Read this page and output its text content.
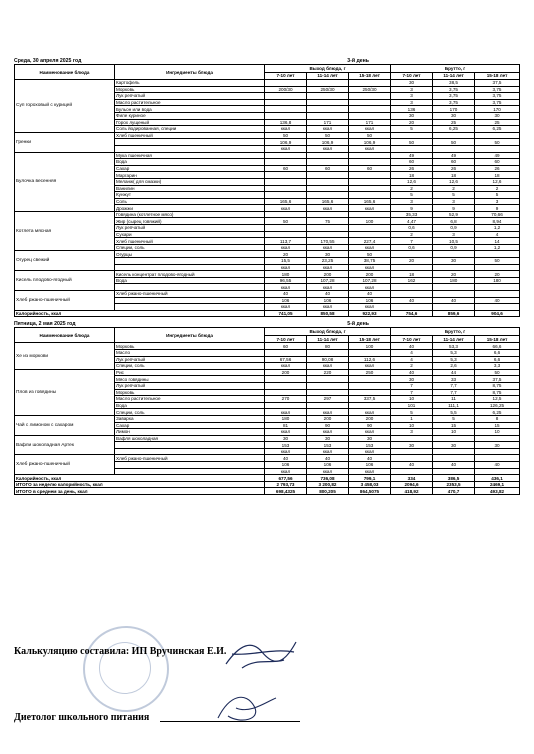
Среда, 30 апреля 2025 год	3-й день
Наименование блюда	Ингредиенты блюда	Выход блюда, г			Брутто, г		
		7-10 лет	11-14 лет	15-18 лет	7-10 лет	11-14 лет	15-18 лет
Суп гороховый с курицей	Картофель				30	38,5	37,5
	Морковь	200/30	250/30	250/30	3	3,75	3,75
	Лук репчатый				3	3,75	3,75
	Масло растительное				3	3,75	3,75
	Бульон или вода				136	170	170
	Филе куриное				30	30	30
	Горох лущеный	136,8	171	171	20	25	25
	Соль йодированная, специи	ккал	ккал	ккал	5	6,25	6,25
Гренки	Хлеб пшеничный	50	50	50			
		106,9	106,9	106,9	50	50	50
		ккал	ккал	ккал			
Булочка весенняя	Мука пшеничная				49	49	49
	Вода				60	60	60
	Сахар	60	60	60	26	26	26
	Маргарин				18	18	18
	Меланж( для смазки)				12,6	12,6	12,6
	Ванилин				2	2	2
	Кунжут				5	5	5
	Соль	165,6	165,6	165,6	3	3	3
	Дрожжи	ккал	ккал	ккал	9	9	9
Котлета мясная	Говядина (котлетное мясо)				35,33	52,9	70,66
	Жир (сырец говяжий)	50	75	100	4,47	6,8	8,94
	Лук репчатый				0,6	0,9	1,2
	Сухари				2	3	4
	Хлеб пшеничный	113,7	170,55	227,4	7	10,5	14
	Специи, соль	ккал	ккал	ккал	0,6	0,9	1,2
Огурец свежий	Огурцы	20	30	50			
		15,5	23,25	38,75	20	30	50
		ккал	ккал	ккал			
Кисель плодово-ягодный	Кисель концентрат плодово-ягодный	180	200	200	18	20	20
	Вода	96,55	107,28	107,28	162	180	180
		ккал	ккал	ккал			
Хлеб ржано-пшеничный	Хлеб ржано-пшеничный	40	40	40			
		106	106	106	40	40	40
		ккал	ккал	ккал			
Калорийность, ккал		741,05	850,58	922,93	754,6	859,6	904,6
Пятница, 2 мая 2025 год	5-й день
Наименование блюда	Ингредиенты блюда	Выход блюда, г			Брутто, г		
		7-10 лет	11-14 лет	15-18 лет	7-10 лет	11-14 лет	15-18 лет
Хе из моркови	Морковь	60	80	100	40	53,3	66,6
	Масло				4	5,3	6,6
	Лук репчатый	67,56	90,08	112,6	4	5,3	6,6
	Специи, соль	ккал	ккал	ккал	2	2,6	3,3
Плов из говядины	Рис	200	220	250	40	44	50
	Мясо говядины				30	33	37,5
	Лук репчатый				7	7,7	8,75
	Морковь				7	7,7	8,75
	Масло растительное	270	297	337,5	10	11	12,5
	Вода				101	111,1	126,25
	Специи, соль	ккал	ккал	ккал	5	5,5	6,25
Чай с лимоном с сахаром	Заварка	180	200	200	1	5	8
	Сахар	81	90	90	10	15	15
	Лимон	ккал	ккал	ккал	3	10	10
Вафли шоколадная Артек	Вафля шоколадная	30	30	30			
		153	153	153	30	30	30
		ккал	ккал	ккал			
Хлеб ржано-пшеничный	Хлеб ржано-пшеничный	40	40	40			
		106	106	106	40	40	40
		ккал	ккал	ккал			
Калорийность, ккал		677,56	736,08	799,1	334	386,5	436,1
ИТОГО за неделю калорийность, ккал		2 793,73	3 200,82	3 458,03	2094,6	2353,5	2469,1
ИТОГО в среднем за день, ккал		698,4325	800,205	864,5075	418,92	470,7	493,82
Калькуляцию составила: ИП Вручинская Е.И.
Диетолог школьного питания
